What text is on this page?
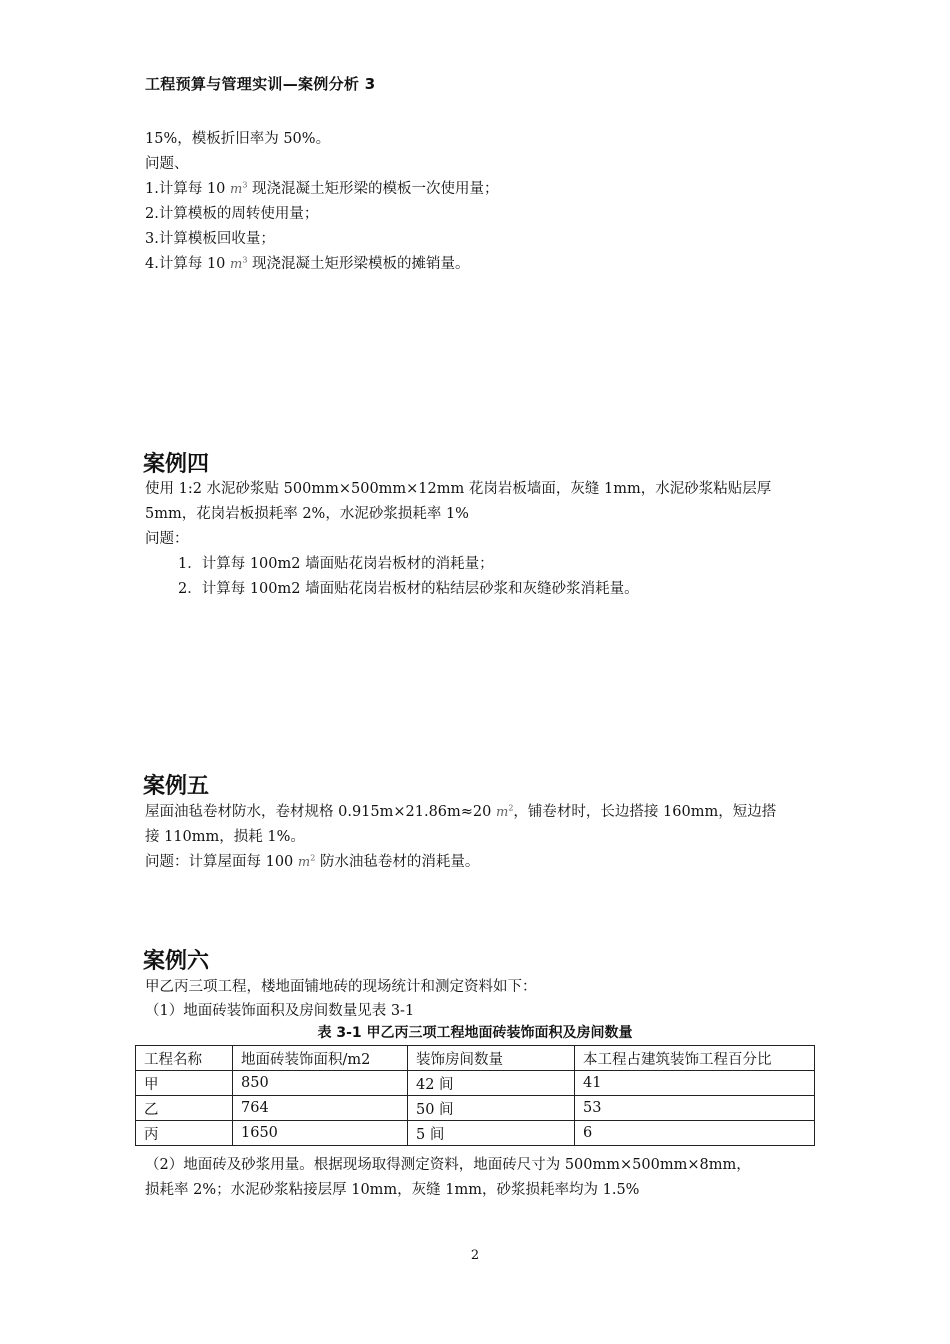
工程预算与管理实训—案例分析 3
15%，模板折旧率为 50%。
问题、
1.计算每 10 $m^3$ 现浇混凝土矩形梁的模板一次使用量；
2.计算模板的周转使用量；
3.计算模板回收量；
4.计算每 10 $m^3$ 现浇混凝土矩形梁模板的摊销量。
案例四
使用 1:2 水泥砂浆贴 500mm×500mm×12mm 花岗岩板墙面，灰缝 1mm，水泥砂浆粘贴层厚
5mm，花岗岩板损耗率 2%，水泥砂浆损耗率 1%
问题：
1．计算每 100m2 墙面贴花岗岩板材的消耗量；
2．计算每 100m2 墙面贴花岗岩板材的粘结层砂浆和灰缝砂浆消耗量。
案例五
屋面油毡卷材防水，卷材规格 0.915m×21.86m≈20 $m^2$，铺卷材时，长边搭接 160mm，短边搭
接 110mm，损耗 1%。
问题：计算屋面每 100 $m^2$ 防水油毡卷材的消耗量。
案例六
甲乙丙三项工程，楼地面铺地砖的现场统计和测定资料如下：
（1）地面砖装饰面积及房间数量见表 3-1
表 3-1 甲乙丙三项工程地面砖装饰面积及房间数量
工程名称	地面砖装饰面积/m2	装饰房间数量	本工程占建筑装饰工程百分比
甲	850	42 间	41
乙	764	50 间	53
丙	1650	5 间	6
（2）地面砖及砂浆用量。根据现场取得测定资料，地面砖尺寸为 500mm×500mm×8mm，
损耗率 2%；水泥砂浆粘接层厚 10mm，灰缝 1mm，砂浆损耗率均为 1.5%
2
